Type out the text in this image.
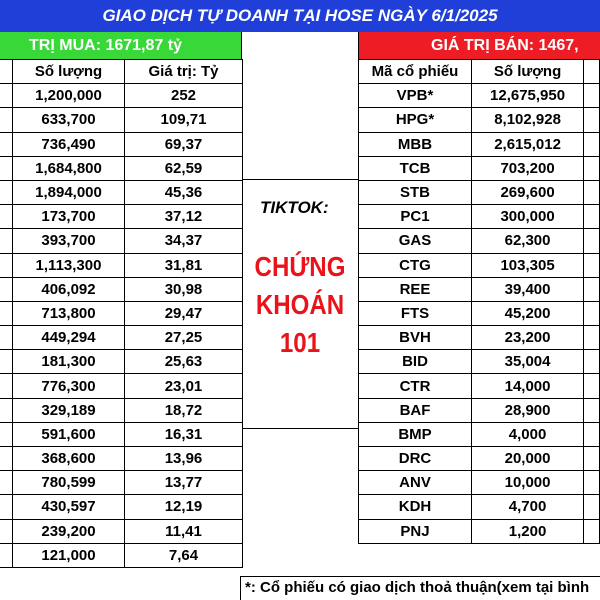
GIAO DỊCH TỰ DOANH TẠI HOSE NGÀY 6/1/2025
TRỊ MUA: 1671,87 tỷ	GIÁ TRỊ BÁN: 1467,
	Số lượng	Giá trị: Tỷ
	1,200,000	252
	633,700	109,71
	736,490	69,37
	1,684,800	62,59
	1,894,000	45,36
	173,700	37,12
	393,700	34,37
	1,113,300	31,81
	406,092	30,98
	713,800	29,47
	449,294	27,25
	181,300	25,63
	776,300	23,01
	329,189	18,72
	591,600	16,31
	368,600	13,96
	780,599	13,77
	430,597	12,19
	239,200	11,41
	121,000	7,64
TIKTOK:
CHỨNG
KHOÁN
101
Mã cổ phiếu	Số lượng	
VPB*	12,675,950	
HPG*	8,102,928	
MBB	2,615,012	
TCB	703,200	
STB	269,600	
PC1	300,000	
GAS	62,300	
CTG	103,305	
REE	39,400	
FTS	45,200	
BVH	23,200	
BID	35,004	
CTR	14,000	
BAF	28,900	
BMP	4,000	
DRC	20,000	
ANV	10,000	
KDH	4,700	
PNJ	1,200	
*: Cổ phiếu có giao dịch thoả thuận(xem tại bình
